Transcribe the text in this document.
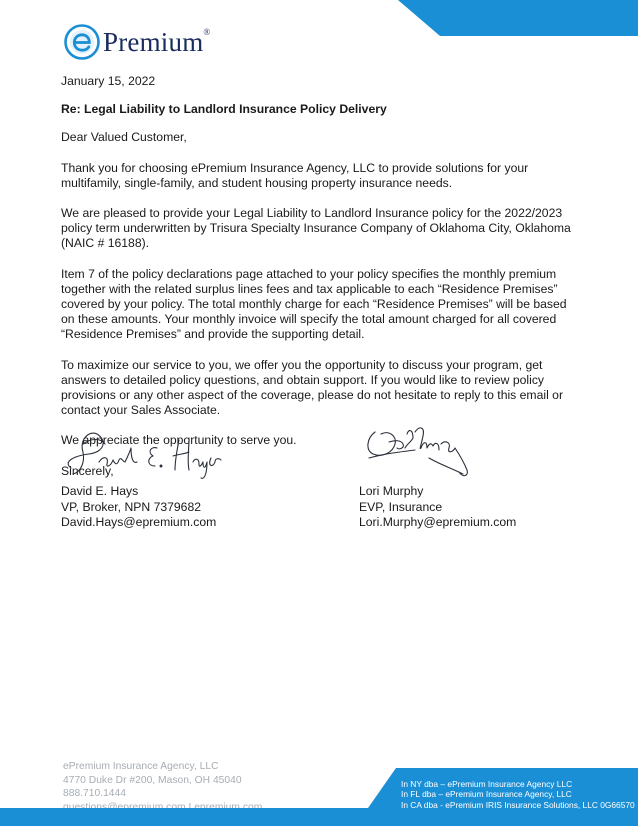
Premium®

January 15, 2022

Re: Legal Liability to Landlord Insurance Policy Delivery

Dear Valued Customer,

Thank you for choosing ePremium Insurance Agency, LLC to provide solutions for your multifamily, single-family, and student housing property insurance needs.

We are pleased to provide your Legal Liability to Landlord Insurance policy for the 2022/2023 policy term underwritten by Trisura Specialty Insurance Company of Oklahoma City, Oklahoma (NAIC # 16188).

Item 7 of the policy declarations page attached to your policy specifies the monthly premium together with the related surplus lines fees and tax applicable to each “Residence Premises” covered by your policy. The total monthly charge for each “Residence Premises” will be based on these amounts. Your monthly invoice will specify the total amount charged for all covered “Residence Premises” and provide the supporting detail.

To maximize our service to you, we offer you the opportunity to discuss your program, get answers to detailed policy questions, and obtain support. If you would like to review policy provisions or any other aspect of the coverage, please do not hesitate to reply to this email or contact your Sales Associate.

We appreciate the opportunity to serve you.

Sincerely,

David E. Hays
VP, Broker, NPN 7379682
David.Hays@epremium.com
Lori Murphy
EVP, Insurance
Lori.Murphy@epremium.com
ePremium Insurance Agency, LLC
4770 Duke Dr #200, Mason, OH 45040
888.710.1444
questions@epremium.com I epremium.com
In NY dba – ePremium Insurance Agency LLC
In FL dba – ePremium Insurance Agency, LLC
In CA dba - ePremium IRIS Insurance Solutions, LLC 0G66570
